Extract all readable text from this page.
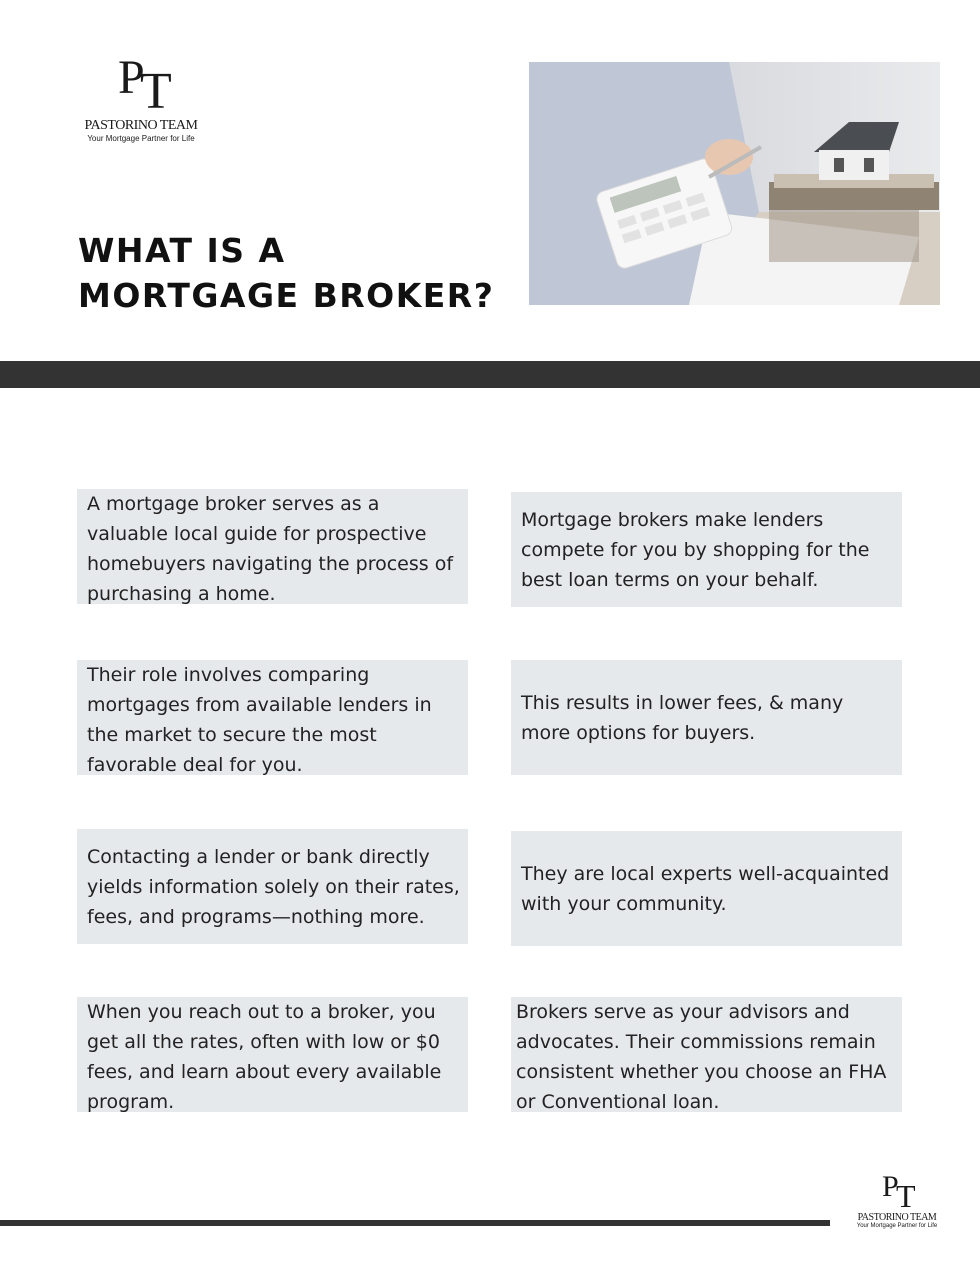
P
T
PASTORINO TEAM
Your Mortgage Partner for Life
WHAT IS A MORTGAGE BROKER?
A mortgage broker serves as a valuable local guide for prospective homebuyers navigating the process of purchasing a home.
Mortgage brokers make lenders compete for you by shopping for the best loan terms on your behalf.
Their role involves comparing mortgages from available lenders in the market to secure the most favorable deal for you.
This results in lower fees, & many more options for buyers.
Contacting a lender or bank directly yields information solely on their rates, fees, and programs—nothing more.
They are local experts well-acquainted with your community.
When you reach out to a broker, you get all the rates, often with low or $0 fees, and learn about every available program.
Brokers serve as your advisors and advocates. Their commissions remain consistent whether you choose an FHA or Conventional loan.
P
T
PASTORINO TEAM
Your Mortgage Partner for Life
